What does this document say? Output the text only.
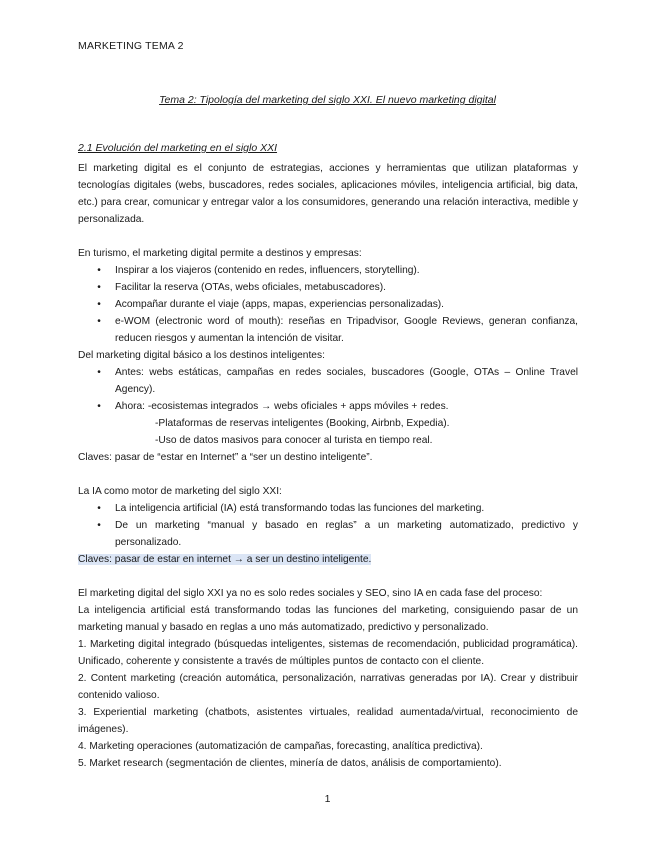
MARKETING TEMA 2
Tema 2: Tipología del marketing del siglo XXI. El nuevo marketing digital
2.1 Evolución del marketing en el siglo XXI

El marketing digital es el conjunto de estrategias, acciones y herramientas que utilizan plataformas y tecnologías digitales (webs, buscadores, redes sociales, aplicaciones móviles, inteligencia artificial, big data, etc.) para crear, comunicar y entregar valor a los consumidores, generando una relación interactiva, medible y personalizada.

En turismo, el marketing digital permite a destinos y empresas:

• Inspirar a los viajeros (contenido en redes, influencers, storytelling).
• Facilitar la reserva (OTAs, webs oficiales, metabuscadores).
• Acompañar durante el viaje (apps, mapas, experiencias personalizadas).
• e-WOM (electronic word of mouth): reseñas en Tripadvisor, Google Reviews, generan confianza, reducen riesgos y aumentan la intención de visitar.

Del marketing digital básico a los destinos inteligentes:

• Antes: webs estáticas, campañas en redes sociales, buscadores (Google, OTAs – Online Travel Agency).
• Ahora: -ecosistemas integrados → webs oficiales + apps móviles + redes.

-Plataformas de reservas inteligentes (Booking, Airbnb, Expedia).

-Uso de datos masivos para conocer al turista en tiempo real.

Claves: pasar de “estar en Internet” a “ser un destino inteligente”.

La IA como motor de marketing del siglo XXI:

• La inteligencia artificial (IA) está transformando todas las funciones del marketing.
• De un marketing “manual y basado en reglas” a un marketing automatizado, predictivo y personalizado.

Claves: pasar de estar en internet → a ser un destino inteligente.

El marketing digital del siglo XXI ya no es solo redes sociales y SEO, sino IA en cada fase del proceso:

La inteligencia artificial está transformando todas las funciones del marketing, consiguiendo pasar de un marketing manual y basado en reglas a uno más automatizado, predictivo y personalizado.

1. Marketing digital integrado (búsquedas inteligentes, sistemas de recomendación, publicidad programática). Unificado, coherente y consistente a través de múltiples puntos de contacto con el cliente.

2. Content marketing (creación automática, personalización, narrativas generadas por IA). Crear y distribuir contenido valioso.

3. Experiential marketing (chatbots, asistentes virtuales, realidad aumentada/virtual, reconocimiento de imágenes).

4. Marketing operaciones (automatización de campañas, forecasting, analítica predictiva).

5. Market research (segmentación de clientes, minería de datos, análisis de comportamiento).

1
